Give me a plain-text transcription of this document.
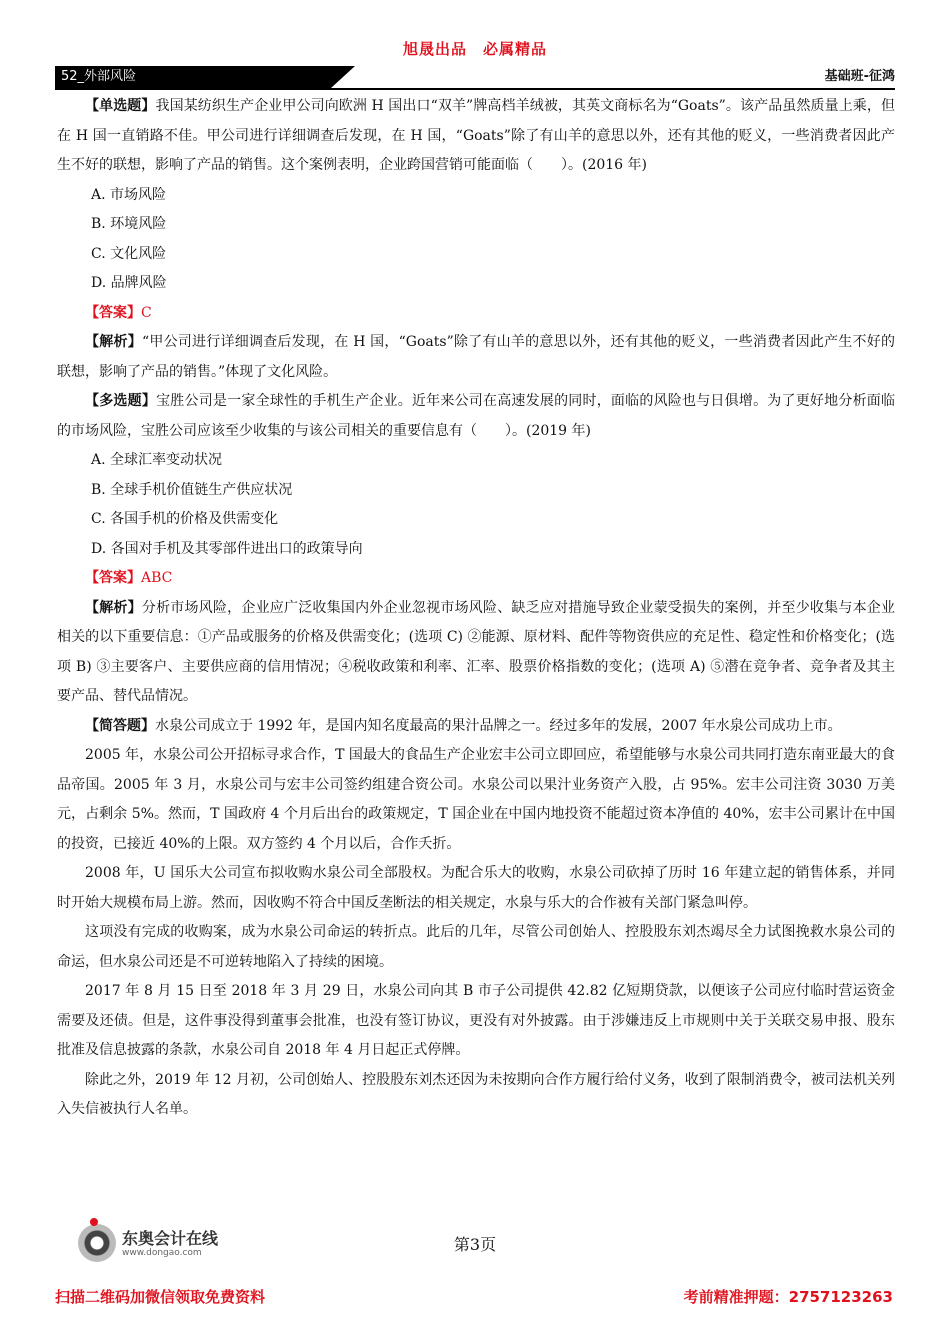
旭晟出品　必属精品
52_外部风险	基础班-征鸿

【单选题】我国某纺织生产企业甲公司向欧洲 H 国出口“双羊”牌高档羊绒被，其英文商标名为“Goats”。该产品虽然质量上乘，但在 H 国一直销路不佳。甲公司进行详细调查后发现，在 H 国，“Goats”除了有山羊的意思以外，还有其他的贬义，一些消费者因此产生不好的联想，影响了产品的销售。这个案例表明，企业跨国营销可能面临（　　）。(2016 年)

A. 市场风险

B. 环境风险

C. 文化风险

D. 品牌风险

【答案】C

【解析】“甲公司进行详细调查后发现，在 H 国，“Goats”除了有山羊的意思以外，还有其他的贬义，一些消费者因此产生不好的联想，影响了产品的销售。”体现了文化风险。

【多选题】宝胜公司是一家全球性的手机生产企业。近年来公司在高速发展的同时，面临的风险也与日俱增。为了更好地分析面临的市场风险，宝胜公司应该至少收集的与该公司相关的重要信息有（　　）。(2019 年)

A. 全球汇率变动状况

B. 全球手机价值链生产供应状况

C. 各国手机的价格及供需变化

D. 各国对手机及其零部件进出口的政策导向

【答案】ABC

【解析】分析市场风险，企业应广泛收集国内外企业忽视市场风险、缺乏应对措施导致企业蒙受损失的案例，并至少收集与本企业相关的以下重要信息：①产品或服务的价格及供需变化；(选项 C) ②能源、原材料、配件等物资供应的充足性、稳定性和价格变化；(选项 B) ③主要客户、主要供应商的信用情况；④税收政策和利率、汇率、股票价格指数的变化；(选项 A) ⑤潜在竞争者、竞争者及其主要产品、替代品情况。

【简答题】水泉公司成立于 1992 年，是国内知名度最高的果汁品牌之一。经过多年的发展，2007 年水泉公司成功上市。

2005 年，水泉公司公开招标寻求合作，T 国最大的食品生产企业宏丰公司立即回应，希望能够与水泉公司共同打造东南亚最大的食品帝国。2005 年 3 月，水泉公司与宏丰公司签约组建合资公司。水泉公司以果汁业务资产入股，占 95%。宏丰公司注资 3030 万美元，占剩余 5%。然而，T 国政府 4 个月后出台的政策规定，T 国企业在中国内地投资不能超过资本净值的 40%，宏丰公司累计在中国的投资，已接近 40%的上限。双方签约 4 个月以后，合作夭折。

2008 年，U 国乐大公司宣布拟收购水泉公司全部股权。为配合乐大的收购，水泉公司砍掉了历时 16 年建立起的销售体系，并同时开始大规模布局上游。然而，因收购不符合中国反垄断法的相关规定，水泉与乐大的合作被有关部门紧急叫停。

这项没有完成的收购案，成为水泉公司命运的转折点。此后的几年，尽管公司创始人、控股股东刘杰竭尽全力试图挽救水泉公司的命运，但水泉公司还是不可逆转地陷入了持续的困境。

2017 年 8 月 15 日至 2018 年 3 月 29 日，水泉公司向其 B 市子公司提供 42.82 亿短期贷款，以便该子公司应付临时营运资金需要及还债。但是，这件事没得到董事会批准，也没有签订协议，更没有对外披露。由于涉嫌违反上市规则中关于关联交易申报、股东批准及信息披露的条款，水泉公司自 2018 年 4 月日起正式停牌。

除此之外，2019 年 12 月初，公司创始人、控股股东刘杰还因为未按期向合作方履行给付义务，收到了限制消费令，被司法机关列入失信被执行人名单。

东奥会计在线
www.dongao.com	第3页
扫描二维码加微信领取免费资料	考前精准押题：2757123263
